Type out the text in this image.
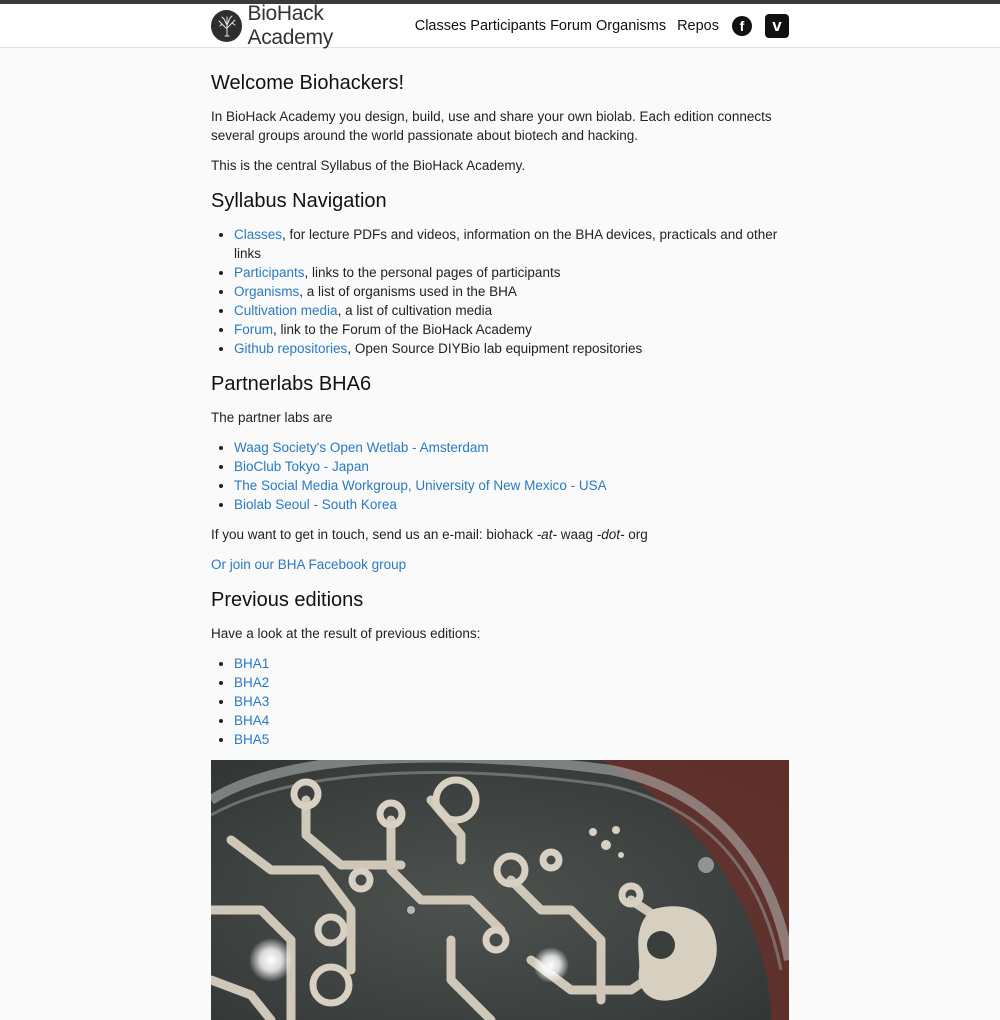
BioHack Academy	Classes Participants Forum Organisms Repos	f	v
Welcome Biohackers!

In BioHack Academy you design, build, use and share your own biolab. Each edition connects several groups around the world passionate about biotech and hacking.

This is the central Syllabus of the BioHack Academy.

Syllabus Navigation
• Classes, for lecture PDFs and videos, information on the BHA devices, practicals and other links
• Participants, links to the personal pages of participants
• Organisms, a list of organisms used in the BHA
• Cultivation media, a list of cultivation media
• Forum, link to the Forum of the BioHack Academy
• Github repositories, Open Source DIYBio lab equipment repositories
Partnerlabs BHA6

The partner labs are

• Waag Society's Open Wetlab - Amsterdam
• BioClub Tokyo - Japan
• The Social Media Workgroup, University of New Mexico - USA
• Biolab Seoul - South Korea

If you want to get in touch, send us an e-mail: biohack -at- waag -dot- org

Or join our BHA Facebook group

Previous editions

Have a look at the result of previous editions:

• BHA1
• BHA2
• BHA3
• BHA4
• BHA5
